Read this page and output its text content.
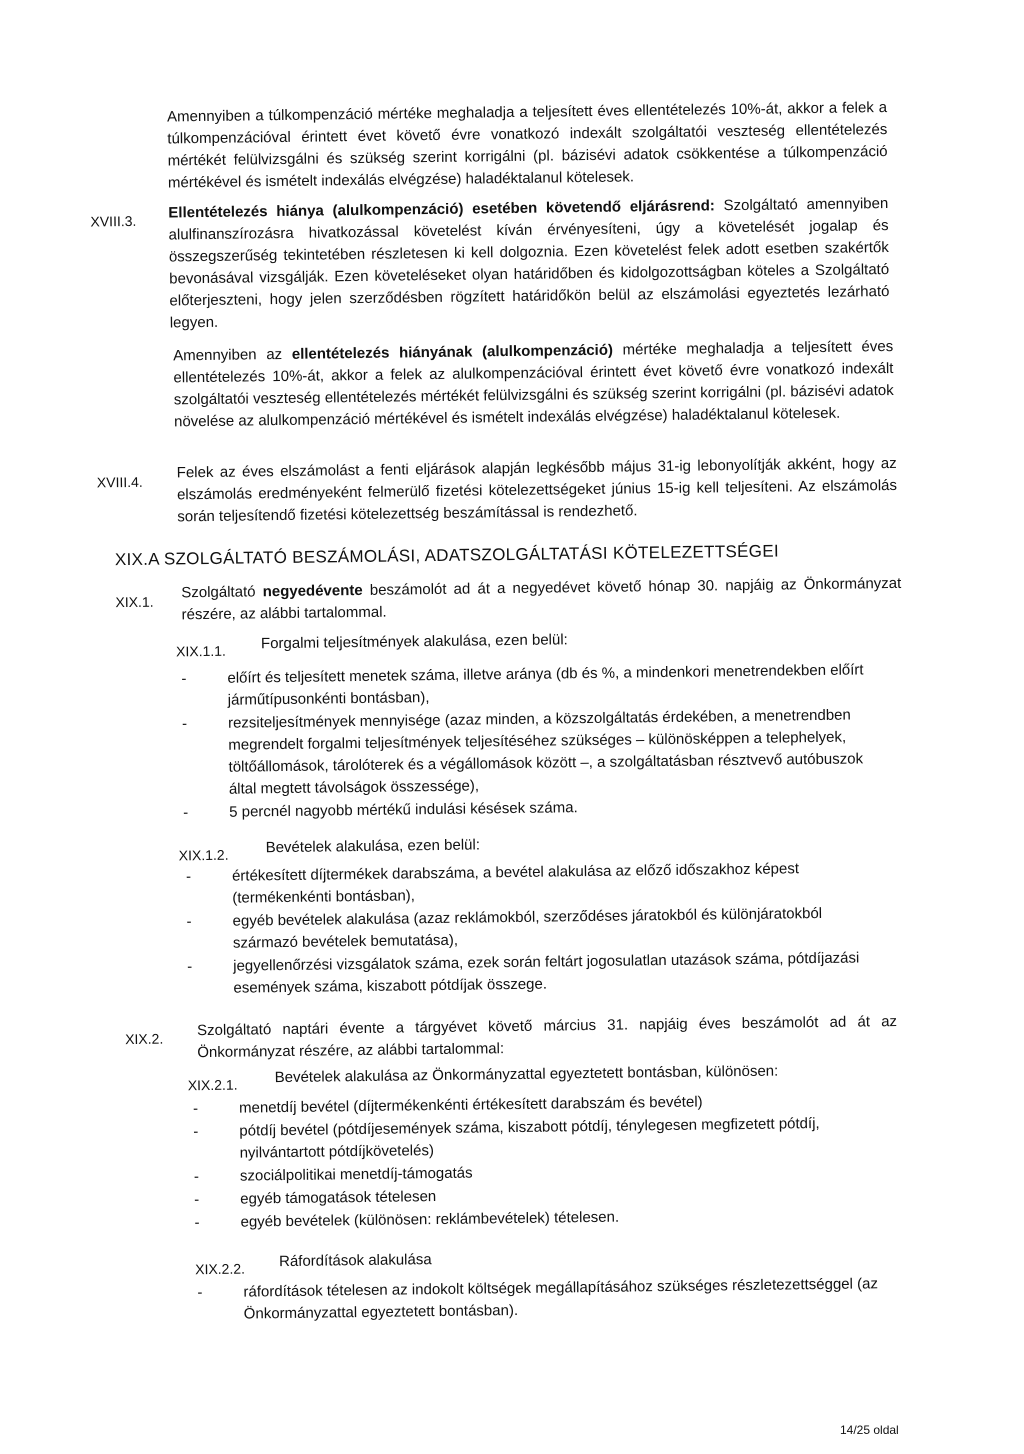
Amennyiben a túlkompenzáció mértéke meghaladja a teljesített éves ellentételezés 10%-át, akkor a felek a túlkompenzációval érintett évet követő évre vonatkozó indexált szolgáltatói veszteség ellentételezés mértékét felülvizsgálni és szükség szerint korrigálni (pl. bázisévi adatok csökkentése a túlkompenzáció mértékével és ismételt indexálás elvégzése) haladéktalanul kötelesek.

XVIII.3. Ellentételezés hiánya (alulkompenzáció) esetében követendő eljárásrend: Szolgáltató amennyiben alulfinanszírozásra hivatkozással követelést kíván érvényesíteni, úgy a követelését jogalap és összegszerűség tekintetében részletesen ki kell dolgoznia. Ezen követelést felek adott esetben szakértők bevonásával vizsgálják. Ezen követeléseket olyan határidőben és kidolgozottságban köteles a Szolgáltató előterjeszteni, hogy jelen szerződésben rögzített határidőkön belül az elszámolási egyeztetés lezárható legyen.

Amennyiben az ellentételezés hiányának (alulkompenzáció) mértéke meghaladja a teljesített éves ellentételezés 10%-át, akkor a felek az alulkompenzációval érintett évet követő évre vonatkozó indexált szolgáltatói veszteség ellentételezés mértékét felülvizsgálni és szükség szerint korrigálni (pl. bázisévi adatok növelése az alulkompenzáció mértékével és ismételt indexálás elvégzése) haladéktalanul kötelesek.

XVIII.4.

Felek az éves elszámolást a fenti eljárások alapján legkésőbb május 31-ig lebonyolítják akként, hogy az elszámolás eredményeként felmerülő fizetési kötelezettségeket június 15-ig kell teljesíteni. Az elszámolás során teljesítendő fizetési kötelezettség beszámítással is rendezhető.

XIX.A SZOLGÁLTATÓ BESZÁMOLÁSI, ADATSZOLGÁLTATÁSI KÖTELEZETTSÉGEI
XIX.1.

Szolgáltató negyedévente beszámolót ad át a negyedévet követő hónap 30. napjáig az Önkormányzat részére, az alábbi tartalommal.

XIX.1.1. Forgalmi teljesítmények alakulása, ezen belül:
-	előírt és teljesített menetek száma, illetve aránya (db és %, a mindenkori menetrendekben előírt járműtípusonkénti bontásban),
-	rezsiteljesítmények mennyisége (azaz minden, a közszolgáltatás érdekében, a menetrendben megrendelt forgalmi teljesítmények teljesítéséhez szükséges – különösképpen a telephelyek, töltőállomások, tárolóterek és a végállomások között –, a szolgáltatásban résztvevő autóbuszok által megtett távolságok összessége),
-	5 percnél nagyobb mértékű indulási késések száma.
XIX.1.2. Bevételek alakulása, ezen belül:
-	értékesített díjtermékek darabszáma, a bevétel alakulása az előző időszakhoz képest (termékenkénti bontásban),
-	egyéb bevételek alakulása (azaz reklámokból, szerződéses járatokból és különjáratokból származó bevételek bemutatása),
-	jegyellenőrzési vizsgálatok száma, ezek során feltárt jogosulatlan utazások száma, pótdíjazási események száma, kiszabott pótdíjak összege.
XIX.2. Szolgáltató naptári évente a tárgyévet követő március 31. napjáig éves beszámolót ad át az Önkormányzat részére, az alábbi tartalommal:

XIX.2.1. Bevételek alakulása az Önkormányzattal egyeztetett bontásban, különösen:
-	menetdíj bevétel (díjtermékenkénti értékesített darabszám és bevétel)
-	pótdíj bevétel (pótdíjesemények száma, kiszabott pótdíj, ténylegesen megfizetett pótdíj, nyilvántartott pótdíjkövetelés)
-	szociálpolitikai menetdíj-támogatás
-	egyéb támogatások tételesen
-	egyéb bevételek (különösen: reklámbevételek) tételesen.
XIX.2.2. Ráfordítások alakulása
-	ráfordítások tételesen az indokolt költségek megállapításához szükséges részletezettséggel (az Önkormányzattal egyeztetett bontásban).
14/25 oldal
